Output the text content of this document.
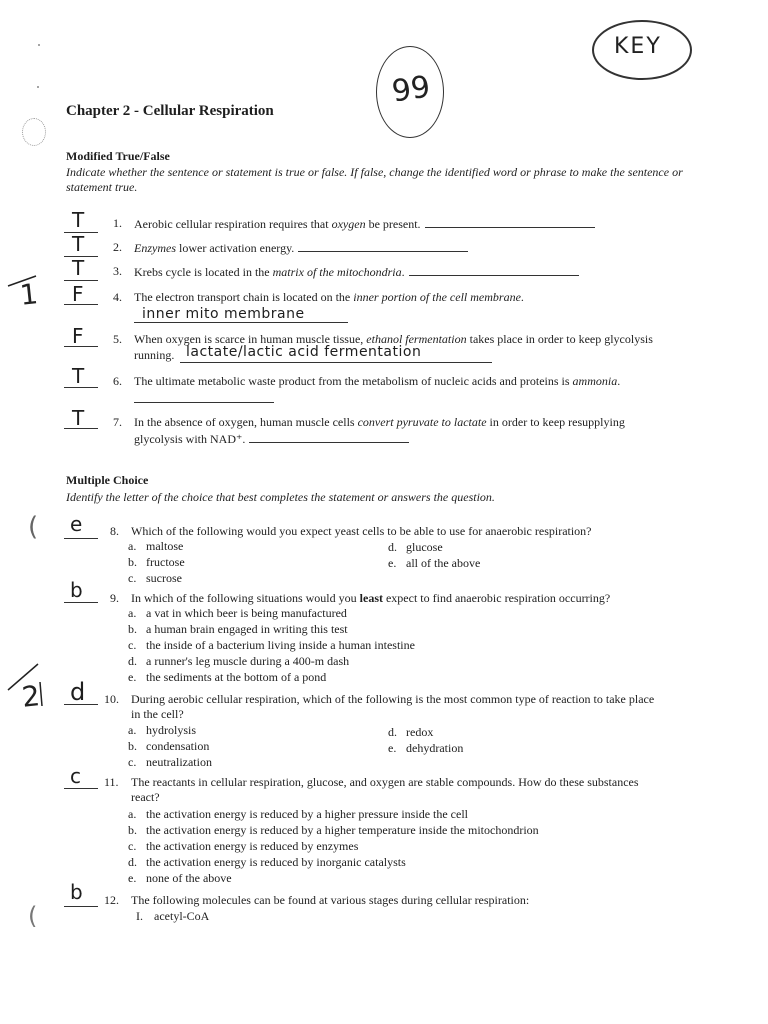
KEY
99
Chapter 2 - Cellular Respiration
Modified True/False
Indicate whether the sentence or statement is true or false. If false, change the identified word or phrase to make the sentence or statement true.
1
T 1. Aerobic cellular respiration requires that oxygen be present.
T 2. Enzymes lower activation energy.
T 3. Krebs cycle is located in the matrix of the mitochondria.
F 4. The electron transport chain is located on the inner portion of the cell membrane.
inner mito membrane
F 5. When oxygen is scarce in human muscle tissue, ethanol fermentation takes place in order to keep glycolysis
running. lactate/lactic acid fermentation
T 6. The ultimate metabolic waste product from the metabolism of nucleic acids and proteins is ammonia.
T 7. In the absence of oxygen, human muscle cells convert pyruvate to lactate in order to keep resupplying
glycolysis with NAD⁺.
Multiple Choice
Identify the letter of the choice that best completes the statement or answers the question.
( e 8. Which of the following would you expect yeast cells to be able to use for anaerobic respiration?
a. maltose
b. fructose
c. sucrose
d. glucose
e. all of the above
b 9. In which of the following situations would you least expect to find anaerobic respiration occurring?
a. a vat in which beer is being manufactured
b. a human brain engaged in writing this test
c. the inside of a bacterium living inside a human intestine
d. a runner's leg muscle during a 400-m dash
e. the sediments at the bottom of a pond
2 d 10. During aerobic cellular respiration, which of the following is the most common type of reaction to take place
in the cell?
a. hydrolysis
b. condensation
c. neutralization
d. redox
e. dehydration
c 11. The reactants in cellular respiration, glucose, and oxygen are stable compounds. How do these substances
react?
a. the activation energy is reduced by a higher pressure inside the cell
b. the activation energy is reduced by a higher temperature inside the mitochondrion
c. the activation energy is reduced by enzymes
d. the activation energy is reduced by inorganic catalysts
e. none of the above
(
b 12. The following molecules can be found at various stages during cellular respiration:
I. acetyl-CoA
